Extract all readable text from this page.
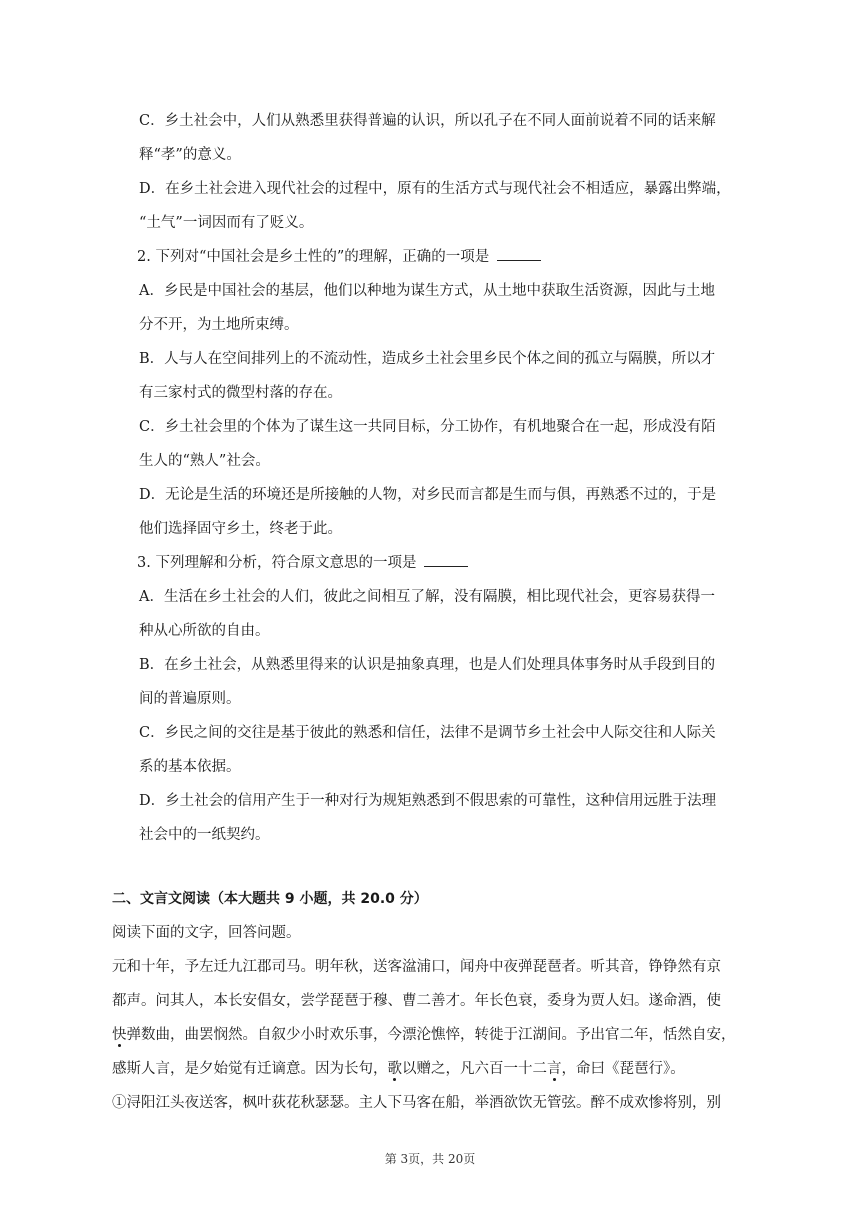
C．乡土社会中，人们从熟悉里获得普遍的认识，所以孔子在不同人面前说着不同的话来解

释“孝”的意义。

D．在乡土社会进入现代社会的过程中，原有的生活方式与现代社会不相适应，暴露出弊端，

“土气”一词因而有了贬义。

2. 下列对“中国社会是乡土性的”的理解，正确的一项是

A．乡民是中国社会的基层，他们以种地为谋生方式，从土地中获取生活资源，因此与土地

分不开，为土地所束缚。

B．人与人在空间排列上的不流动性，造成乡土社会里乡民个体之间的孤立与隔膜，所以才

有三家村式的微型村落的存在。

C．乡土社会里的个体为了谋生这一共同目标，分工协作，有机地聚合在一起，形成没有陌

生人的“熟人”社会。

D．无论是生活的环境还是所接触的人物，对乡民而言都是生而与俱，再熟悉不过的，于是

他们选择固守乡土，终老于此。

3. 下列理解和分析，符合原文意思的一项是

A．生活在乡土社会的人们，彼此之间相互了解，没有隔膜，相比现代社会，更容易获得一

种从心所欲的自由。

B．在乡土社会，从熟悉里得来的认识是抽象真理，也是人们处理具体事务时从手段到目的

间的普遍原则。

C．乡民之间的交往是基于彼此的熟悉和信任，法律不是调节乡土社会中人际交往和人际关

系的基本依据。

D．乡土社会的信用产生于一种对行为规矩熟悉到不假思索的可靠性，这种信用远胜于法理

社会中的一纸契约。

二、文言文阅读（本大题共 9 小题，共 20.0 分）

阅读下面的文字，回答问题。

元和十年，予左迁九江郡司马。明年秋，送客湓浦口，闻舟中夜弹琵琶者。听其音，铮铮然有京

都声。问其人，本长安倡女，尝学琵琶于穆、曹二善才。年长色衰，委身为贾人妇。遂命酒，使

快弹数曲，曲罢悯然。自叙少小时欢乐事，今漂沦憔悴，转徙于江湖间。予出官二年，恬然自安，

感斯人言，是夕始觉有迁谪意。因为长句，歌以赠之，凡六百一十二言，命曰《琵琶行》。

①浔阳江头夜送客，枫叶荻花秋瑟瑟。主人下马客在船，举酒欲饮无管弦。醉不成欢惨将别，别

第 3页，共 20页
